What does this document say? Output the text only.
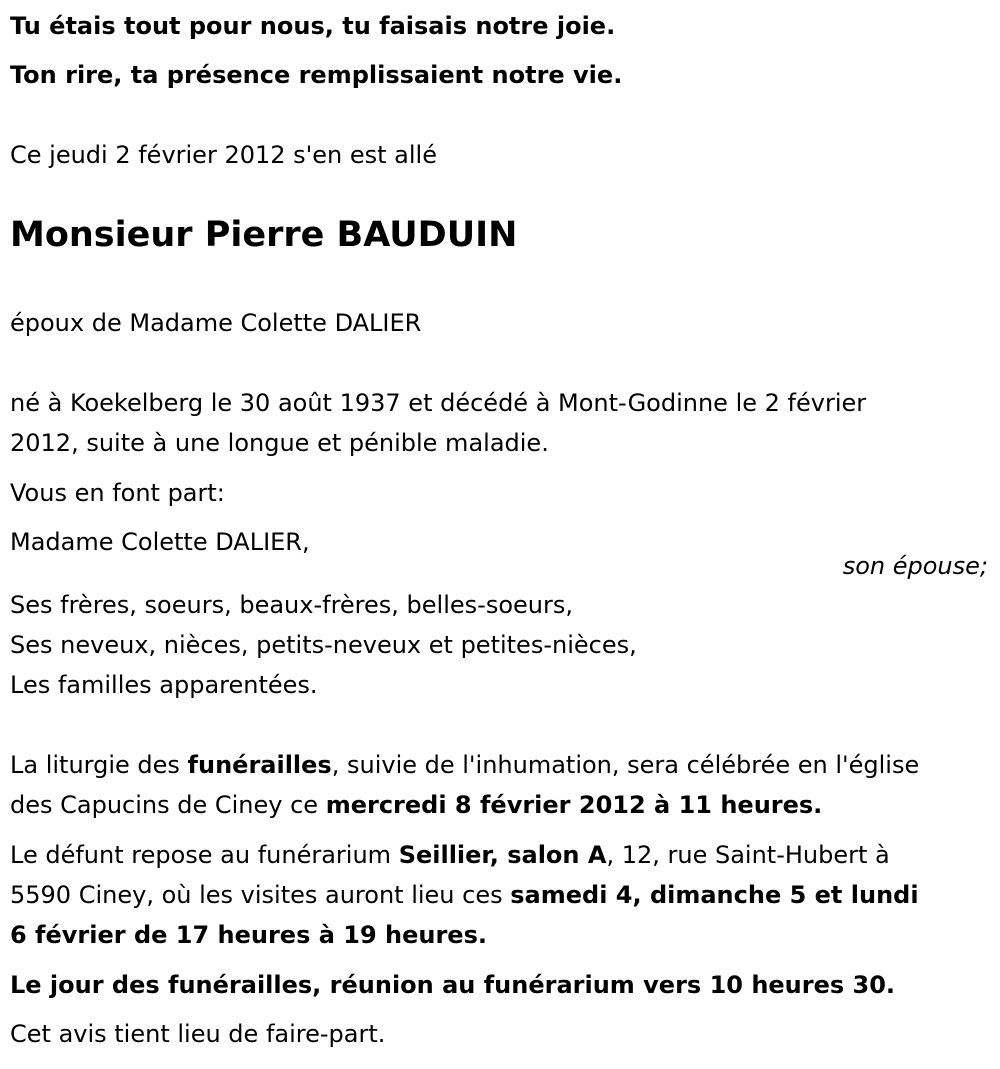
Tu étais tout pour nous, tu faisais notre joie.

Ton rire, ta présence remplissaient notre vie.

Ce jeudi 2 février 2012 s'en est allé

Monsieur Pierre BAUDUIN

époux de Madame Colette DALIER

né à Koekelberg le 30 août 1937 et décédé à Mont-Godinne le 2 février

2012, suite à une longue et pénible maladie.

Vous en font part:

Madame Colette DALIER,

son épouse;

Ses frères, soeurs, beaux-frères, belles-soeurs,

Ses neveux, nièces, petits-neveux et petites-nièces,

Les familles apparentées.

La liturgie des funérailles, suivie de l'inhumation, sera célébrée en l'église

des Capucins de Ciney ce mercredi 8 février 2012 à 11 heures.

Le défunt repose au funérarium Seillier, salon A, 12, rue Saint-Hubert à

5590 Ciney, où les visites auront lieu ces samedi 4, dimanche 5 et lundi

6 février de 17 heures à 19 heures.

Le jour des funérailles, réunion au funérarium vers 10 heures 30.

Cet avis tient lieu de faire-part.
